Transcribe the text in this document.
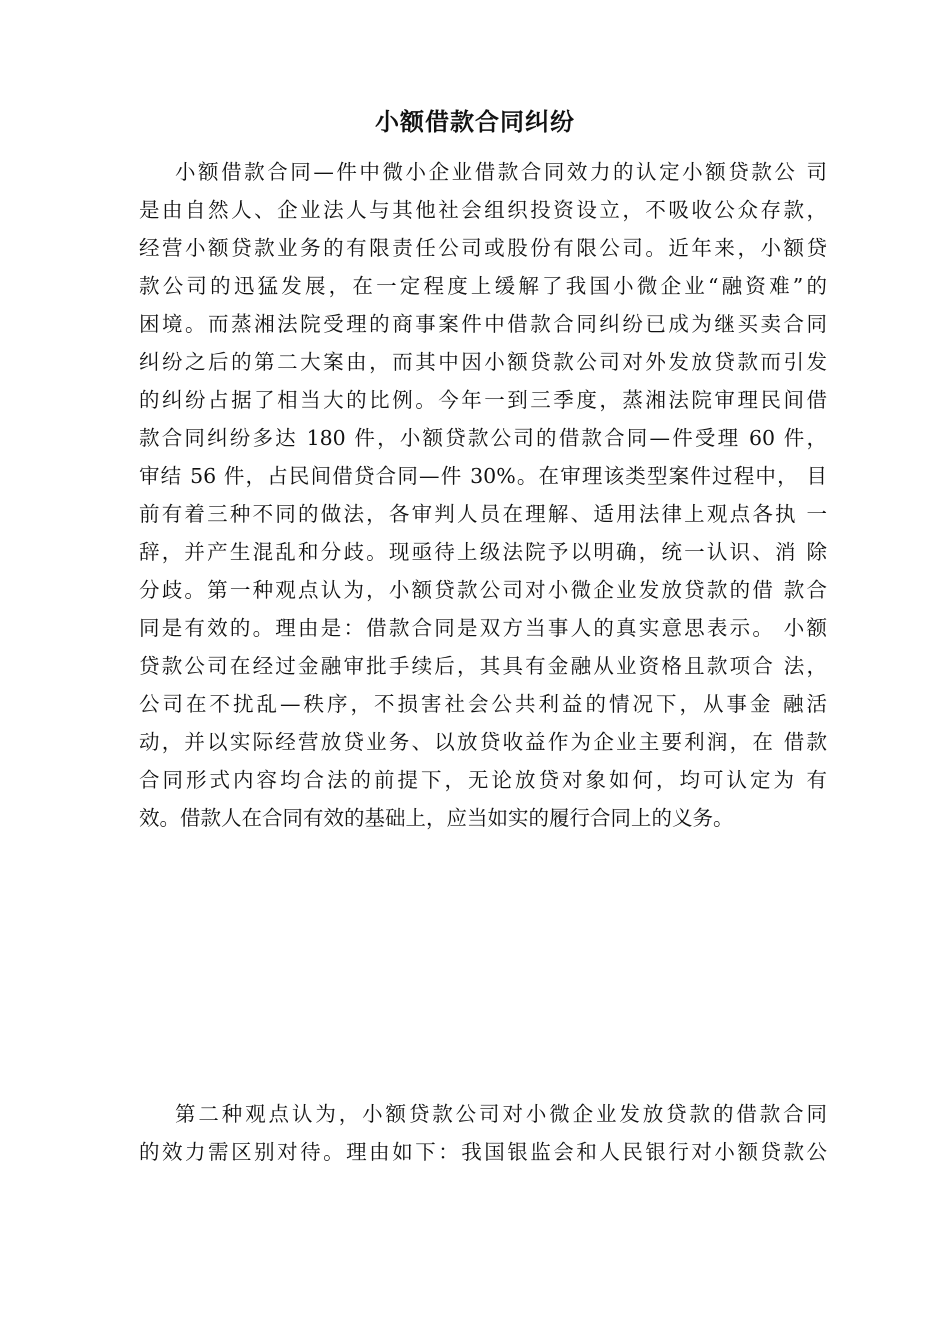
小额借款合同纠纷
小额借款合同—件中微小企业借款合同效力的认定小额贷款公 司
是由自然人、企业法人与其他社会组织投资设立，不吸收公众存款，
经营小额贷款业务的有限责任公司或股份有限公司。近年来，小额贷
款公司的迅猛发展，在一定程度上缓解了我国小微企业“融资难”的
困境。而蒸湘法院受理的商事案件中借款合同纠纷已成为继买卖合同
纠纷之后的第二大案由，而其中因小额贷款公司对外发放贷款而引发
的纠纷占据了相当大的比例。今年一到三季度，蒸湘法院审理民间借
款合同纠纷多达 180 件，小额贷款公司的借款合同—件受理 60 件，
审结 56 件，占民间借贷合同—件 30%。在审理该类型案件过程中， 目
前有着三种不同的做法，各审判人员在理解、适用法律上观点各执 一
辞，并产生混乱和分歧。现亟待上级法院予以明确，统一认识、消 除
分歧。第一种观点认为，小额贷款公司对小微企业发放贷款的借 款合
同是有效的。理由是：借款合同是双方当事人的真实意思表示。 小额
贷款公司在经过金融审批手续后，其具有金融从业资格且款项合 法，
公司在不扰乱—秩序，不损害社会公共利益的情况下，从事金 融活
动，并以实际经营放贷业务、以放贷收益作为企业主要利润，在 借款
合同形式内容均合法的前提下，无论放贷对象如何，均可认定为 有
效。借款人在合同有效的基础上，应当如实的履行合同上的义务。
第二种观点认为，小额贷款公司对小微企业发放贷款的借款合同
的效力需区别对待。理由如下：我国银监会和人民银行对小额贷款公
